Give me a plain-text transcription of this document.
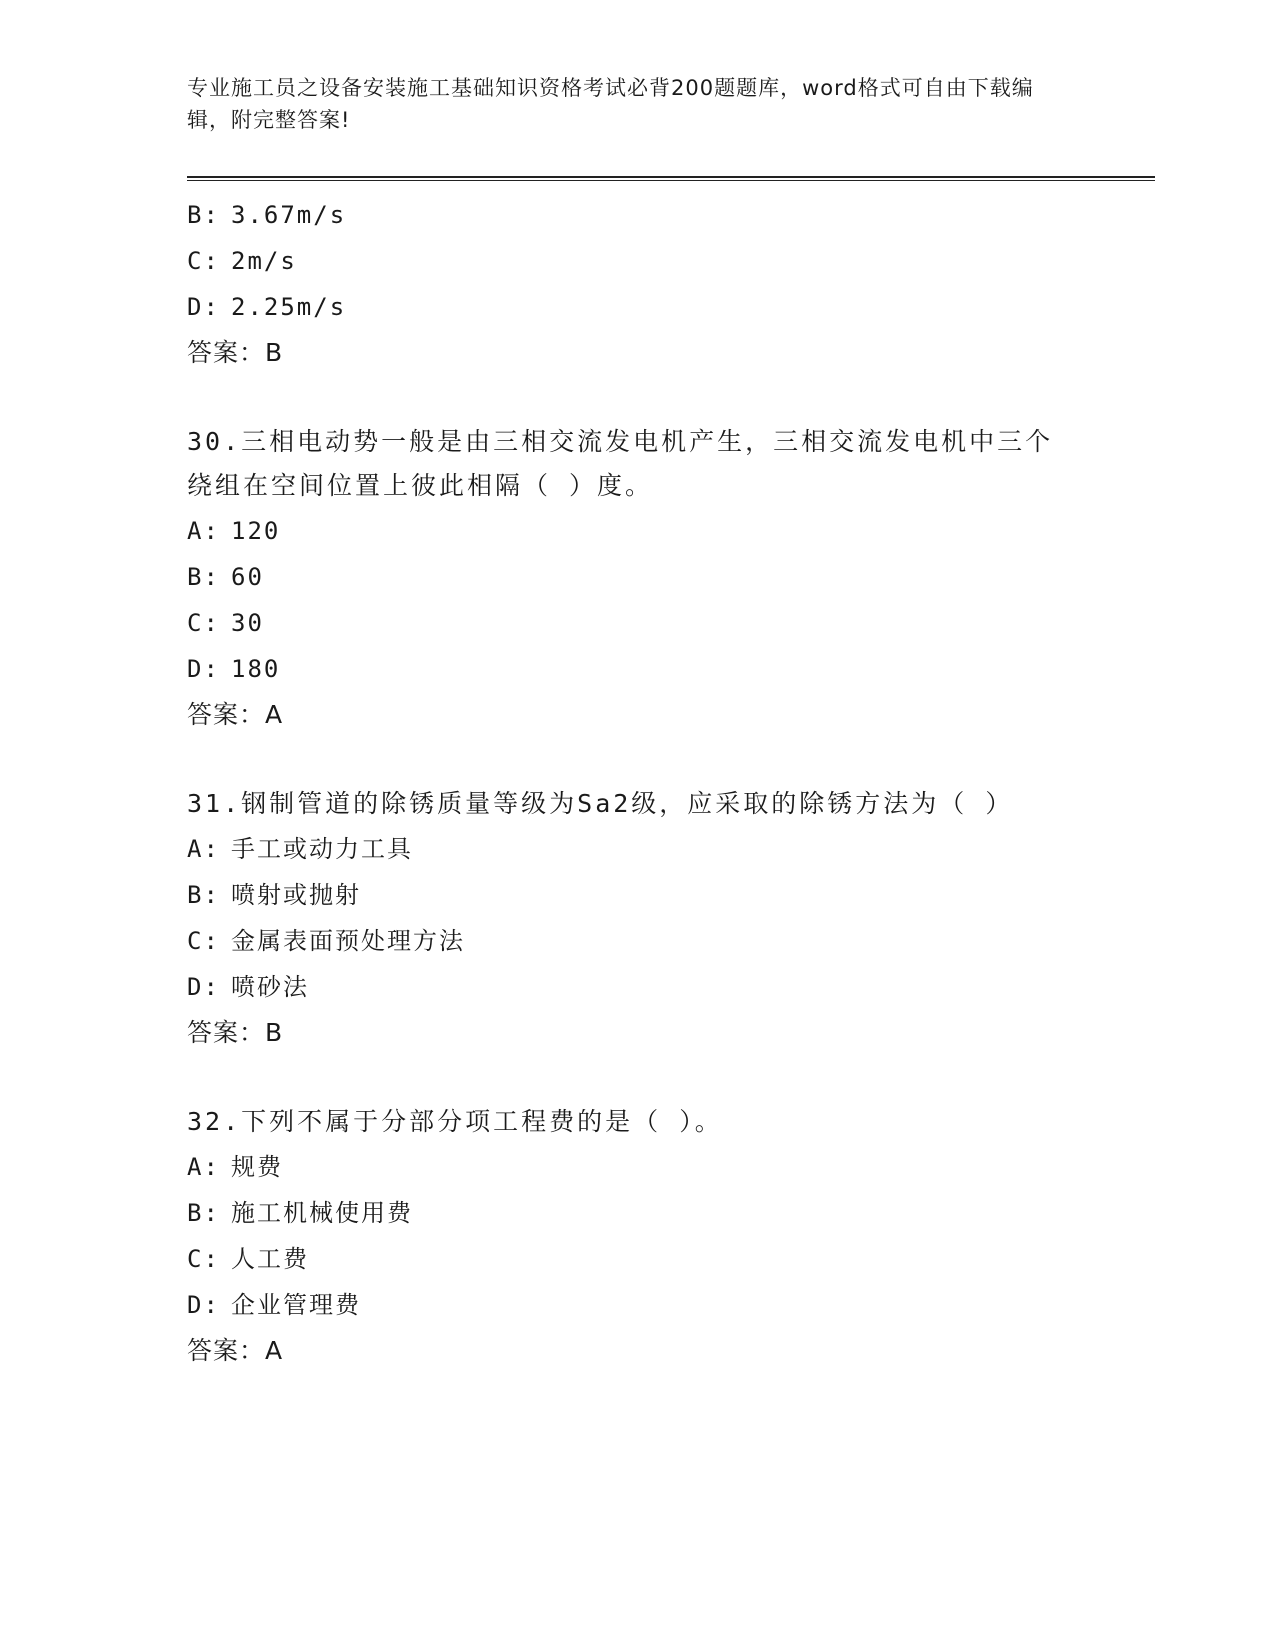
专业施工员之设备安装施工基础知识资格考试必背200题题库，word格式可自由下载编辑，附完整答案!
B: 3.67m/s
C: 2m/s
D: 2.25m/s
答案：B
30.三相电动势一般是由三相交流发电机产生，三相交流发电机中三个绕组在空间位置上彼此相隔（ ）度。
A: 120
B: 60
C: 30
D: 180
答案：A
31.钢制管道的除锈质量等级为Sa2级，应采取的除锈方法为（ ）
A: 手工或动力工具
B: 喷射或抛射
C: 金属表面预处理方法
D: 喷砂法
答案：B
32.下列不属于分部分项工程费的是（ ）。
A: 规费
B: 施工机械使用费
C: 人工费
D: 企业管理费
答案：A
